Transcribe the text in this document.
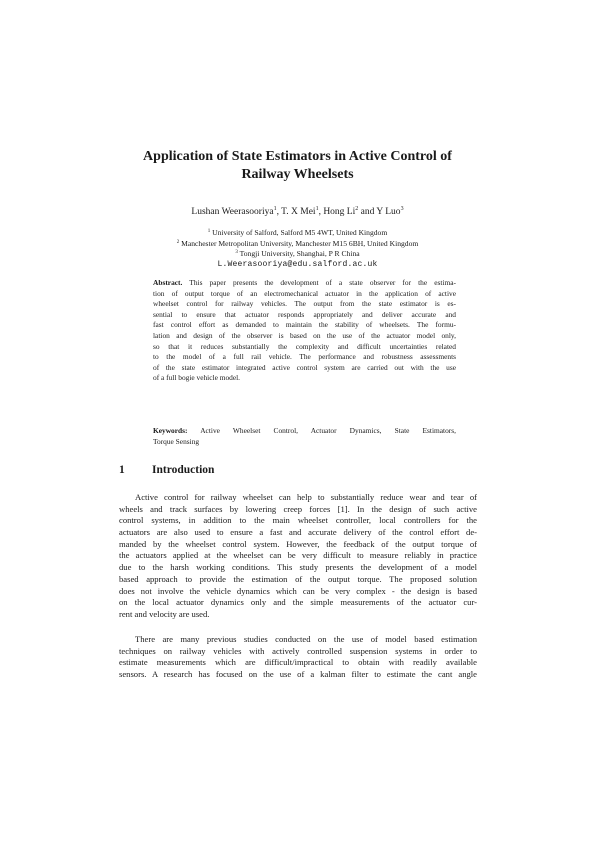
Application of State Estimators in Active Control of
Railway Wheelsets
Lushan Weerasooriya$^1$, T. X Mei$^1$, Hong Li$^2$ and Y Luo$^3$
$^1$ University of Salford, Salford M5 4WT, United Kingdom
$^2$ Manchester Metropolitan University, Manchester M15 6BH, United Kingdom
$^3$ Tongji University, Shanghai, P R China
L.Weerasooriya@edu.salford.ac.uk
Abstract. This paper presents the development of a state observer for the estima-
tion of output torque of an electromechanical actuator in the application of active
wheelset control for railway vehicles. The output from the state estimator is es-
sential to ensure that actuator responds appropriately and deliver accurate and
fast control effort as demanded to maintain the stability of wheelsets. The formu-
lation and design of the observer is based on the use of the actuator model only,
so that it reduces substantially the complexity and difficult uncertainties related
to the model of a full rail vehicle. The performance and robustness assessments
of the state estimator integrated active control system are carried out with the use
of a full bogie vehicle model.
Keywords: Active Wheelset Control, Actuator Dynamics, State Estimators,
Torque Sensing
1 Introduction
Active control for railway wheelset can help to substantially reduce wear and tear of
wheels and track surfaces by lowering creep forces [1]. In the design of such active
control systems, in addition to the main wheelset controller, local controllers for the
actuators are also used to ensure a fast and accurate delivery of the control effort de-
manded by the wheelset control system. However, the feedback of the output torque of
the actuators applied at the wheelset can be very difficult to measure reliably in practice
due to the harsh working conditions. This study presents the development of a model
based approach to provide the estimation of the output torque. The proposed solution
does not involve the vehicle dynamics which can be very complex - the design is based
on the local actuator dynamics only and the simple measurements of the actuator cur-
rent and velocity are used.
There are many previous studies conducted on the use of model based estimation
techniques on railway vehicles with actively controlled suspension systems in order to
estimate measurements which are difficult/impractical to obtain with readily available
sensors. A research has focused on the use of a kalman filter to estimate the cant angle
